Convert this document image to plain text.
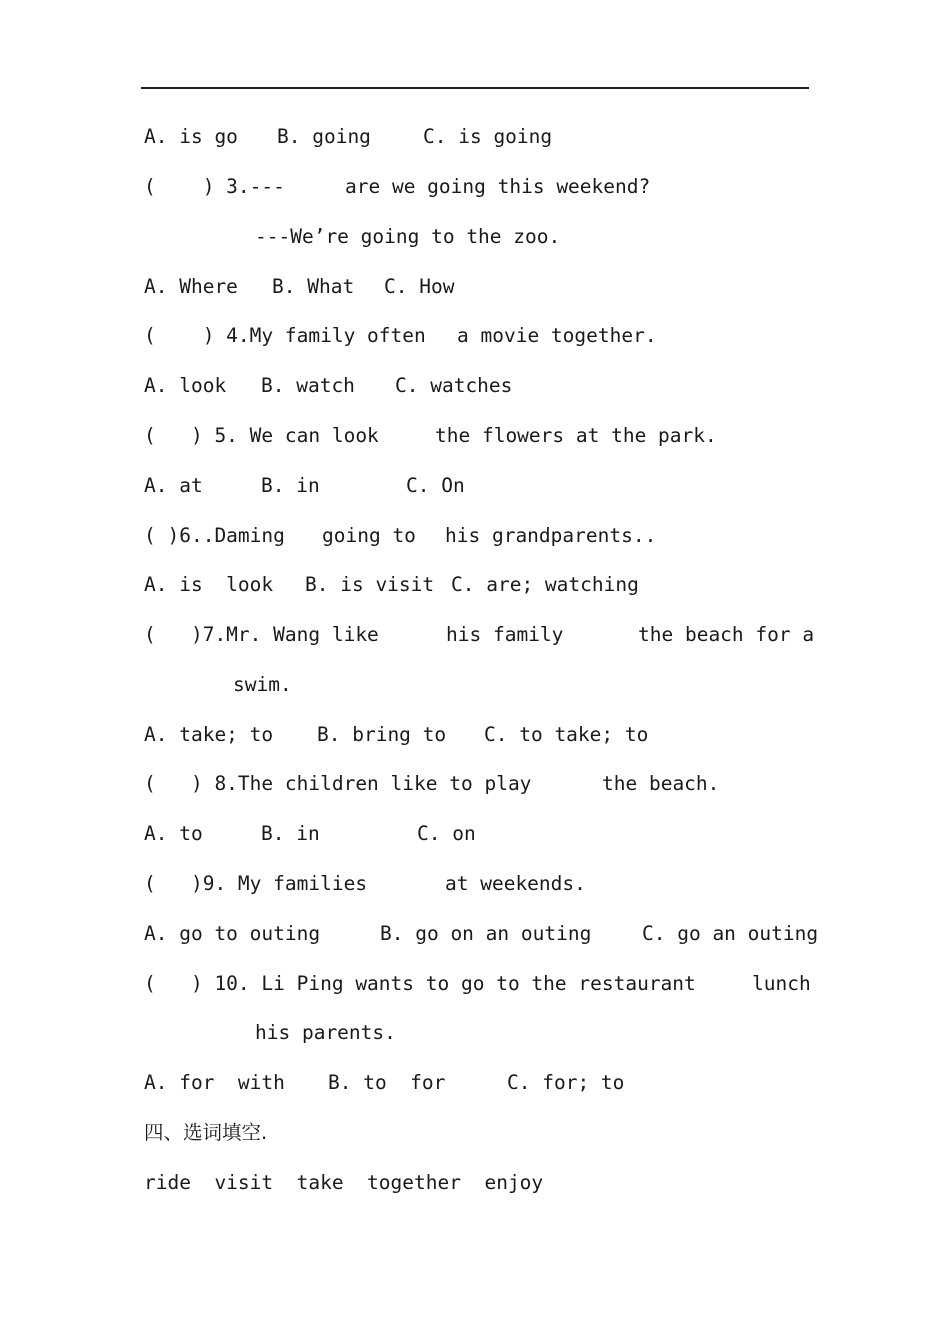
A. is go

B. going

	C. is going

(    ) 3.---

	are we going this weekend?

---We’re going to the zoo.

A. Where

B. What

C. How

(    ) 4.My family often

a movie together.

A. look

B. watch

C. watches

(   ) 5. We can look

	the flowers at the park.

A. at

	B. in

	C. On

( )6..Daming

going to

his grandparents..

A. is  look

B. is visit

C. are; watching

(   )7.Mr. Wang like

	his family

	the beach for a

swim.

A. take; to

B. bring to

C. to take; to

(   ) 8.The children like to play

	the beach.

A. to

	B. in

	C. on

(   )9. My families

	at weekends.

A. go to outing

	B. go on an outing

	C. go an outing

(   ) 10. Li Ping wants to go to the restaurant

	lunch

his parents.

A. for  with

B. to  for

	C. for; to

四、选词填空.

ride  visit  take  together  enjoy
